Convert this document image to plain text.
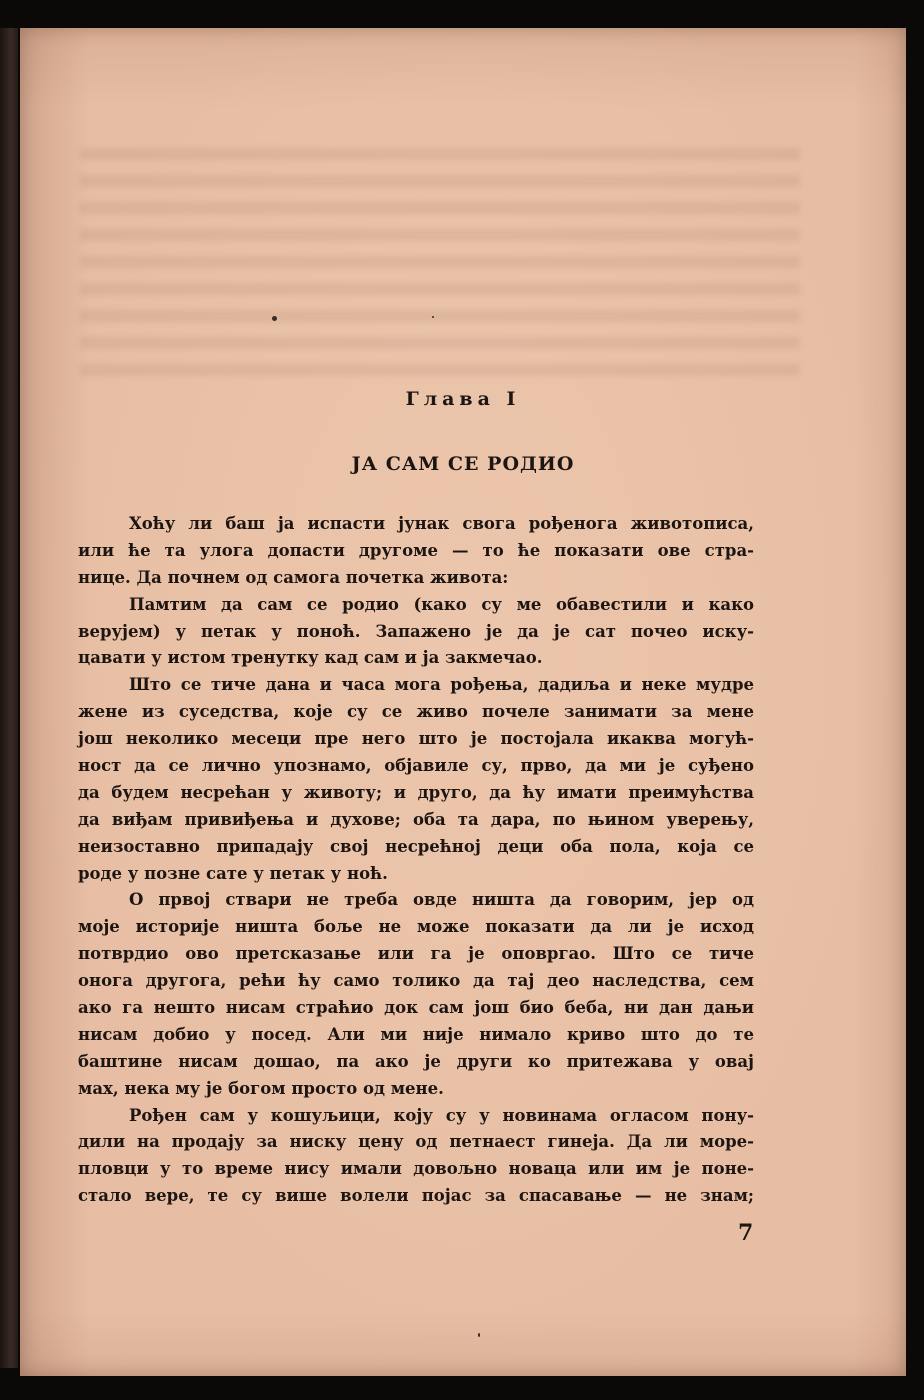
Глава I
ЈА САМ СЕ РОДИО
Хоћу ли баш ја испасти јунак свога рођенога животописа,
или ће та улога допасти другоме — то ће показати ове стра-
нице. Да почнем од самога почетка живота:
Памтим да сам се родио (како су ме обавестили и како
верујем) у петак у поноћ. Запажено је да је сат почео иску-
цавати у истом тренутку кад сам и ја закмечао.
Што се тиче дана и часа мога рођења, дадиља и неке мудре
жене из суседства, које су се живо почеле занимати за мене
још неколико месеци пре него што је постојала икаква могућ-
ност да се лично упознамо, објавиле су, прво, да ми је суђено
да будем несрећан у животу; и друго, да ћу имати преимућства
да виђам привиђења и духове; оба та дара, по њином уверењу,
неизоставно припадају свој несрећној деци оба пола, која се
роде у позне сате у петак у ноћ.
О првој ствари не треба овде ништа да говорим, јер од
моје историје ништа боље не може показати да ли је исход
потврдио ово претсказање или га је оповргао. Што се тиче
онога другога, рећи ћу само толико да тај део наследства, сем
ако га нешто нисам страћио док сам још био беба, ни дан дањи
нисам добио у посед. Али ми није нимало криво што до те
баштине нисам дошао, па ако је други ко притежава у овај
мах, нека му је богом просто од мене.
Рођен сам у кошуљици, коју су у новинама огласом пону-
дили на продају за ниску цену од петнаест гинеја. Да ли море-
пловци у то време нису имали довољно новаца или им је поне-
стало вере, те су више волели појас за спасавање — не знам;
7
